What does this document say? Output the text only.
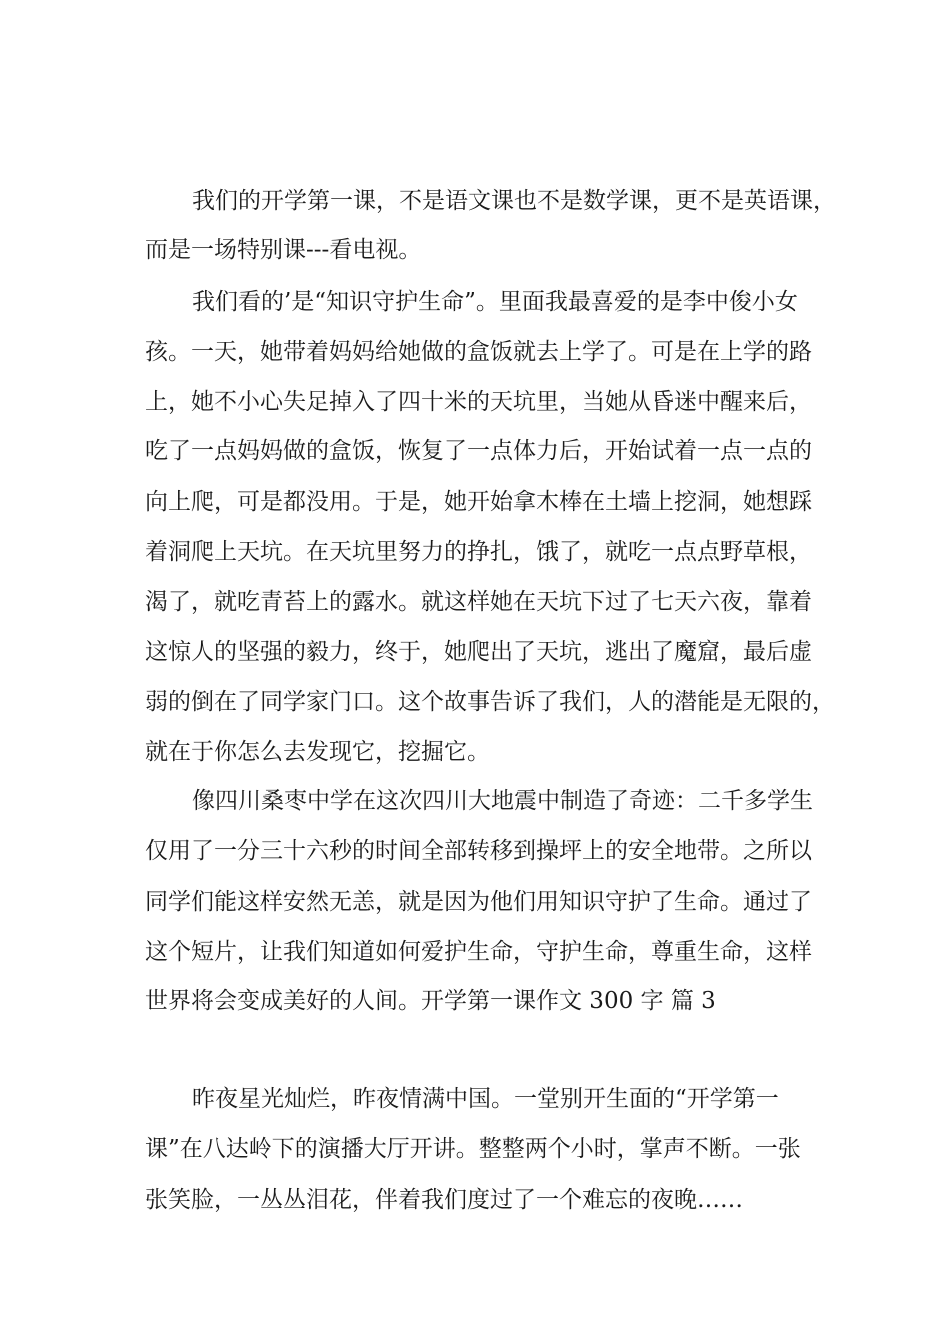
我们的开学第一课，不是语文课也不是数学课，更不是英语课，
而是一场特别课---看电视。
我们看的’是“知识守护生命”。里面我最喜爱的是李中俊小女
孩。一天，她带着妈妈给她做的盒饭就去上学了。可是在上学的路
上，她不小心失足掉入了四十米的天坑里，当她从昏迷中醒来后，
吃了一点妈妈做的盒饭，恢复了一点体力后，开始试着一点一点的
向上爬，可是都没用。于是，她开始拿木棒在土墙上挖洞，她想踩
着洞爬上天坑。在天坑里努力的挣扎，饿了，就吃一点点野草根，
渴了，就吃青苔上的露水。就这样她在天坑下过了七天六夜，靠着
这惊人的坚强的毅力，终于，她爬出了天坑，逃出了魔窟，最后虚
弱的倒在了同学家门口。这个故事告诉了我们，人的潜能是无限的，
就在于你怎么去发现它，挖掘它。
像四川桑枣中学在这次四川大地震中制造了奇迹：二千多学生
仅用了一分三十六秒的时间全部转移到操坪上的安全地带。之所以
同学们能这样安然无恙，就是因为他们用知识守护了生命。通过了
这个短片，让我们知道如何爱护生命，守护生命，尊重生命，这样
世界将会变成美好的人间。开学第一课作文 300 字 篇 3
昨夜星光灿烂，昨夜情满中国。一堂别开生面的“开学第一
课”在八达岭下的演播大厅开讲。整整两个小时，掌声不断。一张
张笑脸，一丛丛泪花，伴着我们度过了一个难忘的夜晚……
